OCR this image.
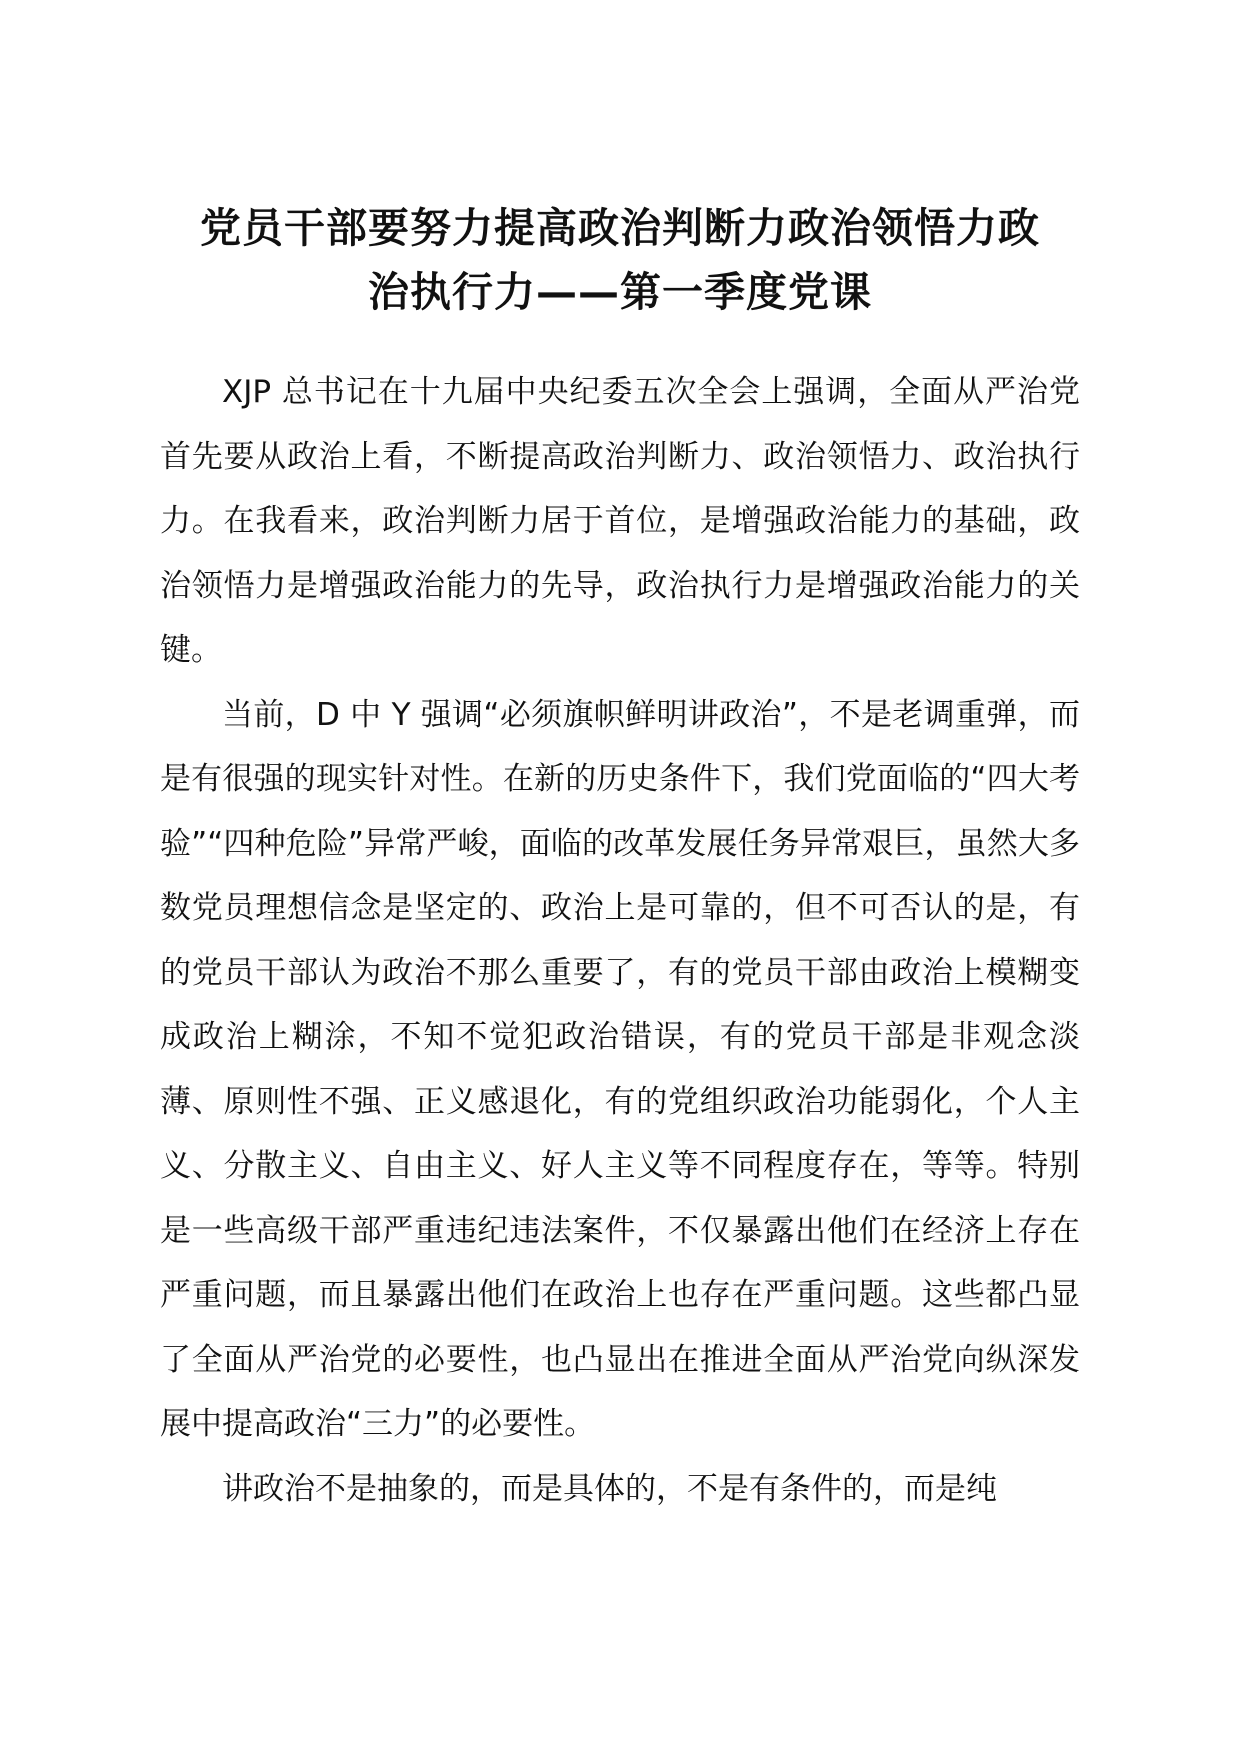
党员干部要努力提高政治判断力政治领悟力政
治执行力——第一季度党课

XJP 总书记在十九届中央纪委五次全会上强调，全面从严治党首先要从政治上看，不断提高政治判断力、政治领悟力、政治执行力。在我看来，政治判断力居于首位，是增强政治能力的基础，政治领悟力是增强政治能力的先导，政治执行力是增强政治能力的关键。

当前，D 中 Y 强调“必须旗帜鲜明讲政治”，不是老调重弹，而是有很强的现实针对性。在新的历史条件下，我们党面临的“四大考验”“四种危险”异常严峻，面临的改革发展任务异常艰巨，虽然大多数党员理想信念是坚定的、政治上是可靠的，但不可否认的是，有的党员干部认为政治不那么重要了，有的党员干部由政治上模糊变成政治上糊涂，不知不觉犯政治错误，有的党员干部是非观念淡薄、原则性不强、正义感退化，有的党组织政治功能弱化，个人主义、分散主义、自由主义、好人主义等不同程度存在，等等。特别是一些高级干部严重违纪违法案件，不仅暴露出他们在经济上存在严重问题，而且暴露出他们在政治上也存在严重问题。这些都凸显了全面从严治党的必要性，也凸显出在推进全面从严治党向纵深发展中提高政治“三力”的必要性。

讲政治不是抽象的，而是具体的，不是有条件的，而是纯
